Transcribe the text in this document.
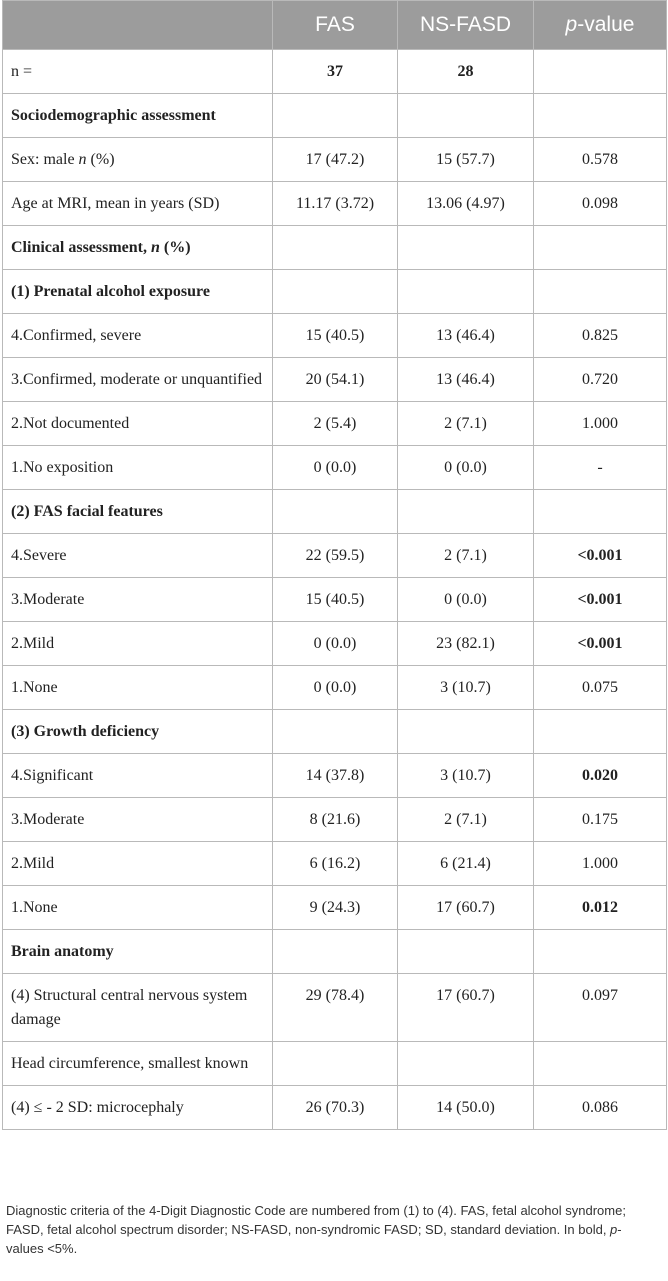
	FAS	NS-FASD	p-value
n =	37	28	
Sociodemographic assessment			
Sex: male n (%)	17 (47.2)	15 (57.7)	0.578
Age at MRI, mean in years (SD)	11.17 (3.72)	13.06 (4.97)	0.098
Clinical assessment, n (%)			
(1) Prenatal alcohol exposure			
4.Confirmed, severe	15 (40.5)	13 (46.4)	0.825
3.Confirmed, moderate or unquantified	20 (54.1)	13 (46.4)	0.720
2.Not documented	2 (5.4)	2 (7.1)	1.000
1.No exposition	0 (0.0)	0 (0.0)	-
(2) FAS facial features			
4.Severe	22 (59.5)	2 (7.1)	<0.001
3.Moderate	15 (40.5)	0 (0.0)	<0.001
2.Mild	0 (0.0)	23 (82.1)	<0.001
1.None	0 (0.0)	3 (10.7)	0.075
(3) Growth deficiency			
4.Significant	14 (37.8)	3 (10.7)	0.020
3.Moderate	8 (21.6)	2 (7.1)	0.175
2.Mild	6 (16.2)	6 (21.4)	1.000
1.None	9 (24.3)	17 (60.7)	0.012
Brain anatomy			
(4) Structural central nervous system damage	29 (78.4)	17 (60.7)	0.097
Head circumference, smallest known			
(4) ≤ - 2 SD: microcephaly	26 (70.3)	14 (50.0)	0.086
Diagnostic criteria of the 4-Digit Diagnostic Code are numbered from (1) to (4). FAS, fetal alcohol syndrome; FASD, fetal alcohol spectrum disorder; NS-FASD, non-syndromic FASD; SD, standard deviation. In bold, p-values <5%.
